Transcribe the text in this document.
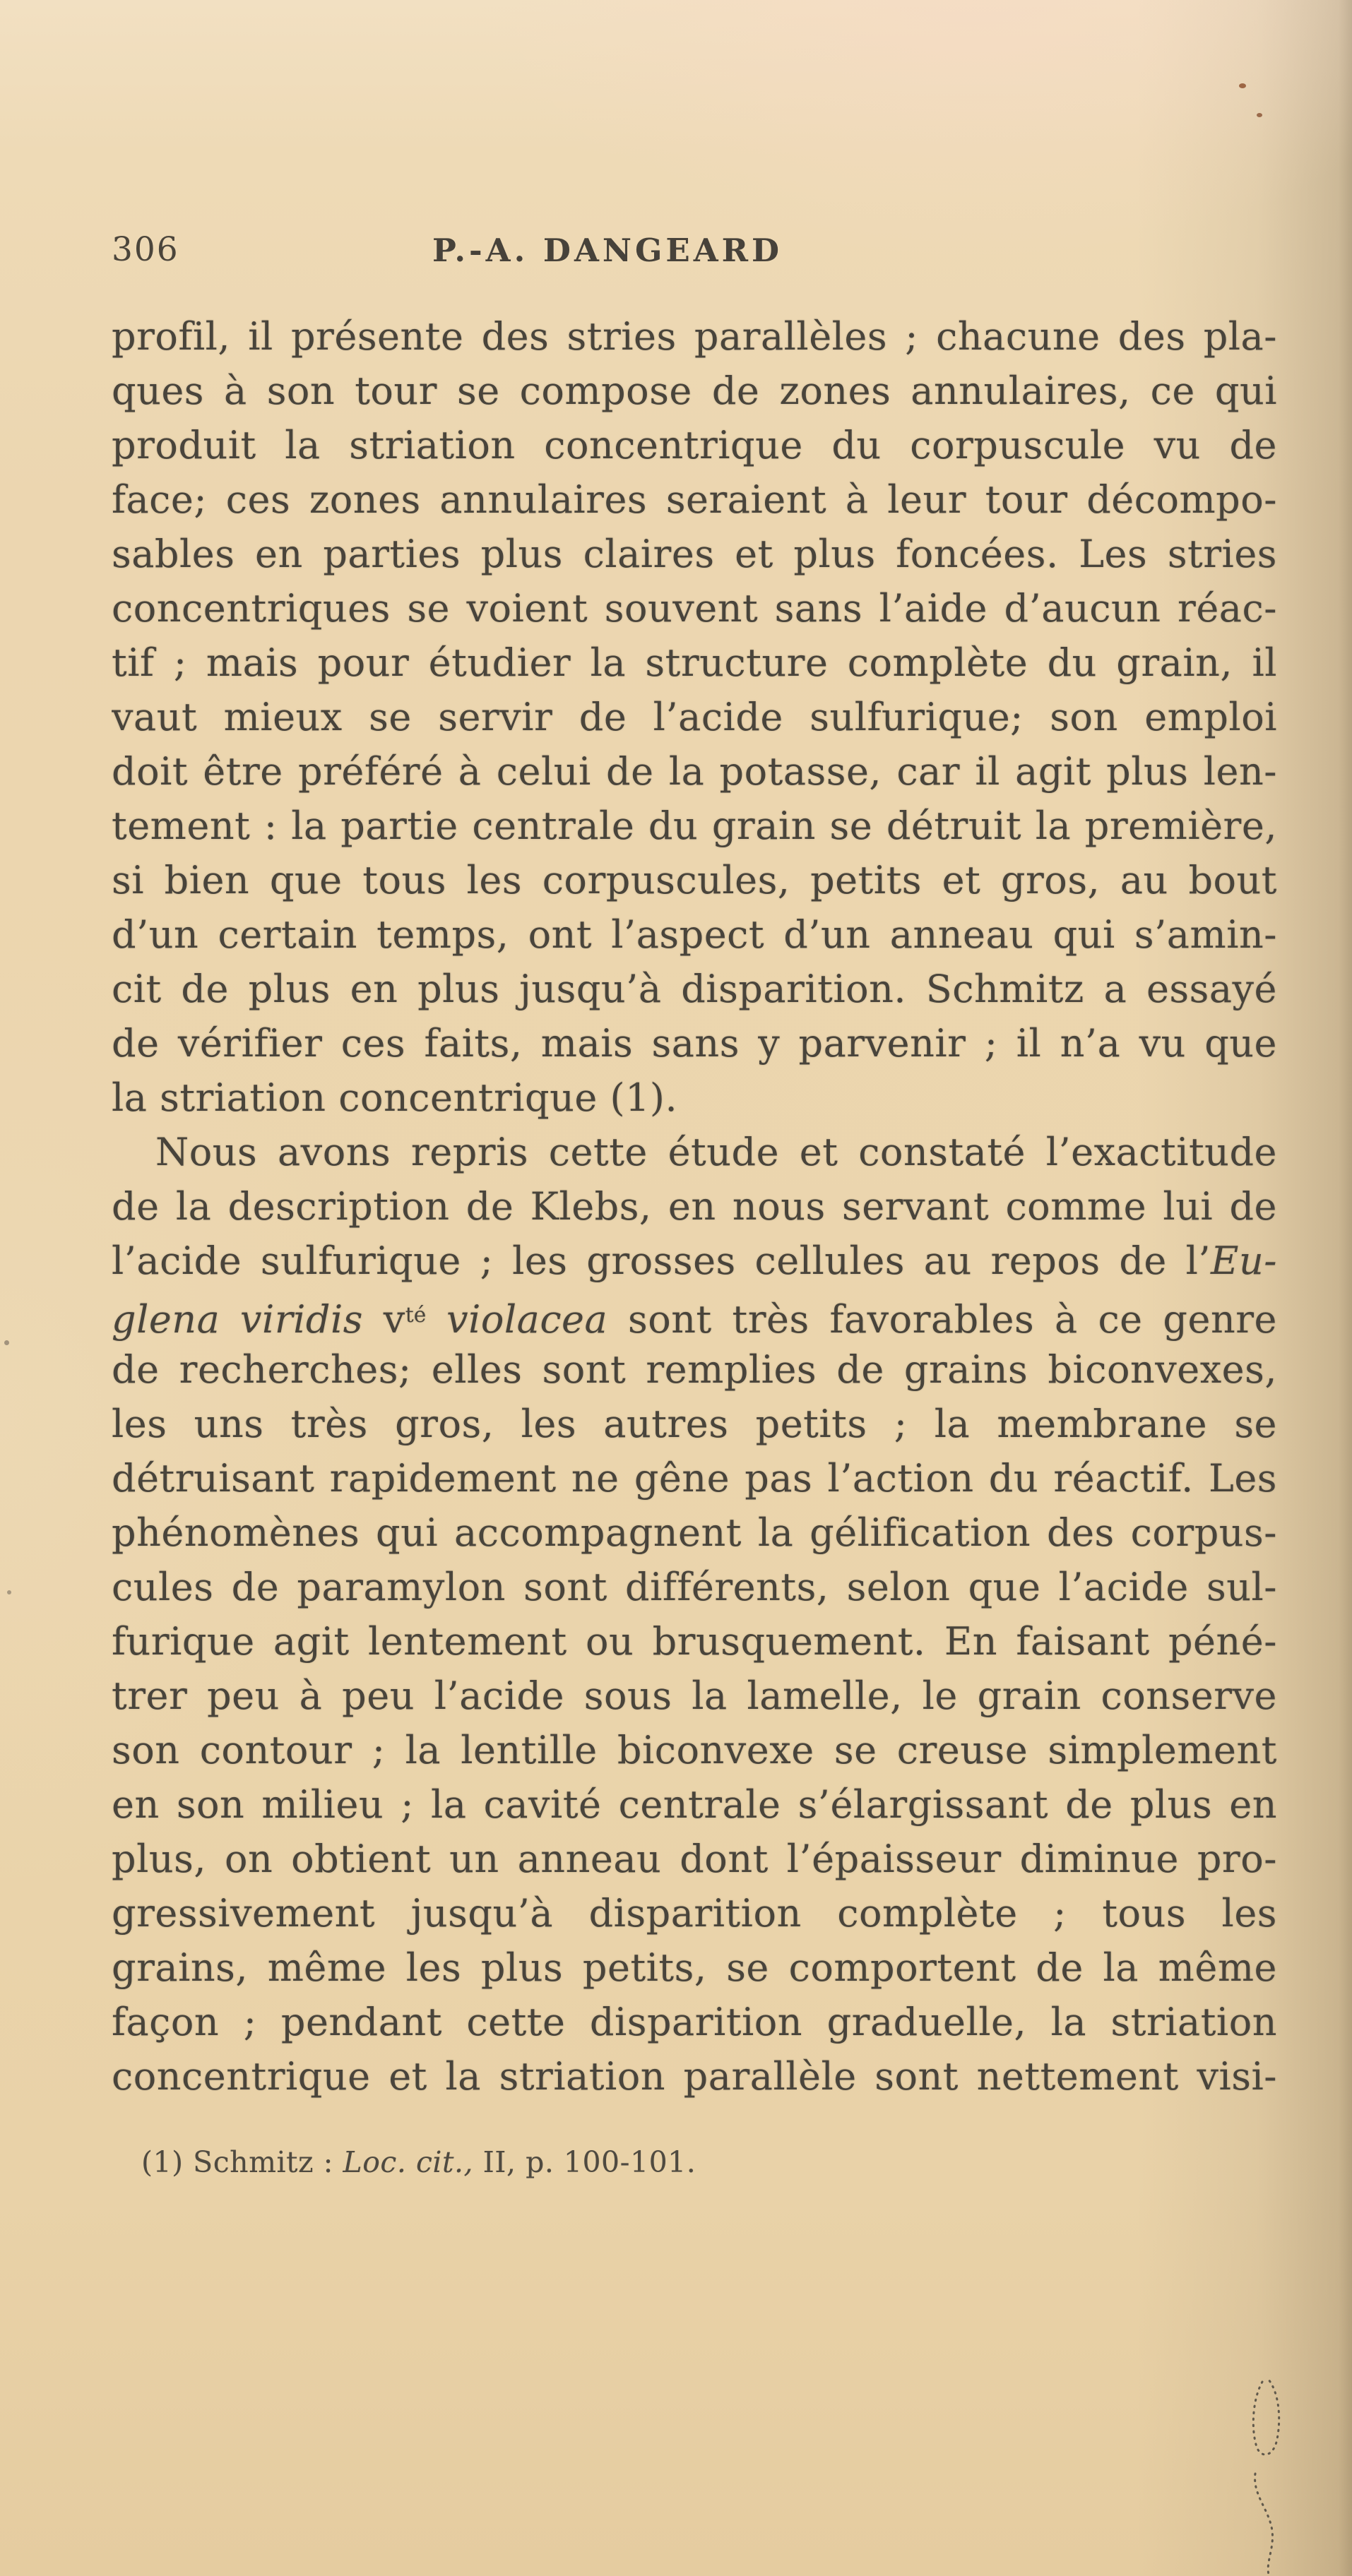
306	P.-A. DANGEARD
profil, il présente des stries parallèles ; chacune des pla-
ques à son tour se compose de zones annulaires, ce qui
produit la striation concentrique du corpuscule vu de
face; ces zones annulaires seraient à leur tour décompo-
sables en parties plus claires et plus foncées. Les stries
concentriques se voient souvent sans l’aide d’aucun réac-
tif ; mais pour étudier la structure complète du grain, il
vaut mieux se servir de l’acide sulfurique; son emploi
doit être préféré à celui de la potasse, car il agit plus len-
tement : la partie centrale du grain se détruit la première,
si bien que tous les corpuscules, petits et gros, au bout
d’un certain temps, ont l’aspect d’un anneau qui s’amin-
cit de plus en plus jusqu’à disparition. Schmitz a essayé
de vérifier ces faits, mais sans y parvenir ; il n’a vu que
la striation concentrique (1).
Nous avons repris cette étude et constaté l’exactitude
de la description de Klebs, en nous servant comme lui de
l’acide sulfurique ; les grosses cellules au repos de l’Eu-
glena viridis $v^{té}$ violacea sont très favorables à ce genre
de recherches; elles sont remplies de grains biconvexes,
les uns très gros, les autres petits ; la membrane se
détruisant rapidement ne gêne pas l’action du réactif. Les
phénomènes qui accompagnent la gélification des corpus-
cules de paramylon sont différents, selon que l’acide sul-
furique agit lentement ou brusquement. En faisant péné-
trer peu à peu l’acide sous la lamelle, le grain conserve
son contour ; la lentille biconvexe se creuse simplement
en son milieu ; la cavité centrale s’élargissant de plus en
plus, on obtient un anneau dont l’épaisseur diminue pro-
gressivement jusqu’à disparition complète ; tous les
grains, même les plus petits, se comportent de la même
façon ; pendant cette disparition graduelle, la striation
concentrique et la striation parallèle sont nettement visi-
(1) Schmitz : Loc. cit., II, p. 100-101.
